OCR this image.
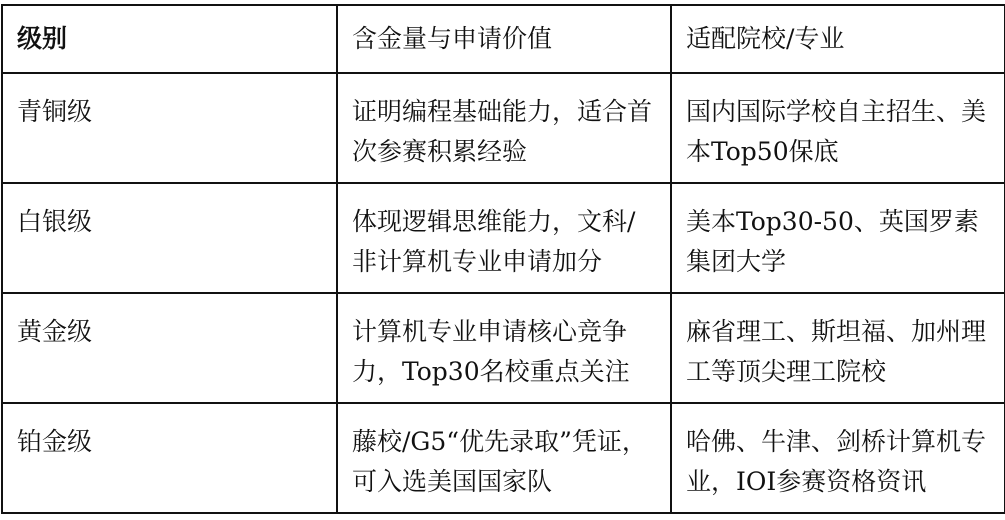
级别	含金量与申请价值	适配院校/专业
青铜级	证明编程基础能力，适合首次参赛积累经验	国内国际学校自主招生、美本Top50保底
白银级	体现逻辑思维能力，文科/非计算机专业申请加分	美本Top30-50、英国罗素集团大学
黄金级	计算机专业申请核心竞争力，Top30名校重点关注	麻省理工、斯坦福、加州理工等顶尖理工院校
铂金级	藤校/G5“优先录取”凭证，可入选美国国家队	哈佛、牛津、剑桥计算机专业，IOI参赛资格资讯
